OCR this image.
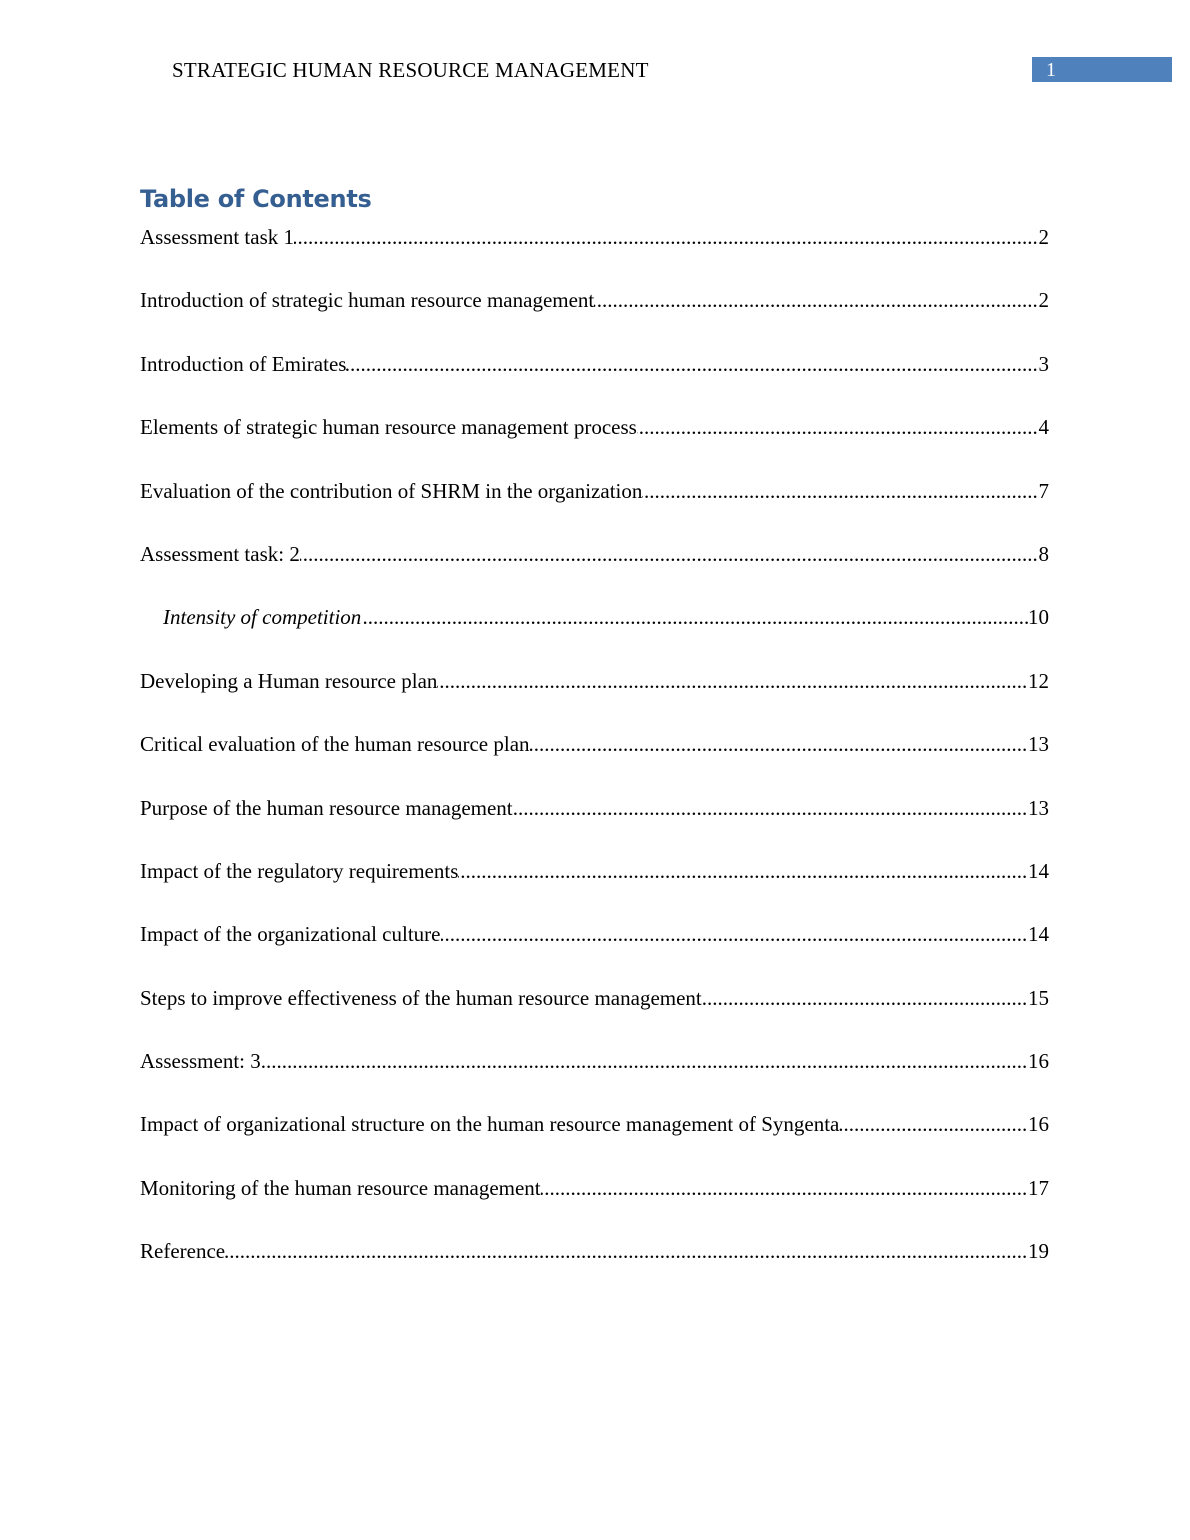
STRATEGIC HUMAN RESOURCE MANAGEMENT	1
Table of Contents
.....
Assessment task 1	2
.....
Introduction of strategic human resource management	2
.....
Introduction of Emirates	3
.....
Elements of strategic human resource management process	4
.....
Evaluation of the contribution of SHRM in the organization	7
.....
Assessment task: 2	8
.....
Intensity of competition	10
.....
Developing a Human resource plan	12
.....
Critical evaluation of the human resource plan	13
.....
Purpose of the human resource management	13
.....
Impact of the regulatory requirements	14
.....
Impact of the organizational culture	14
.....
Steps to improve effectiveness of the human resource management	15
.....
Assessment: 3	16
.....
Impact of organizational structure on the human resource management of Syngenta	16
.....
Monitoring of the human resource management	17
.....
Reference	19
